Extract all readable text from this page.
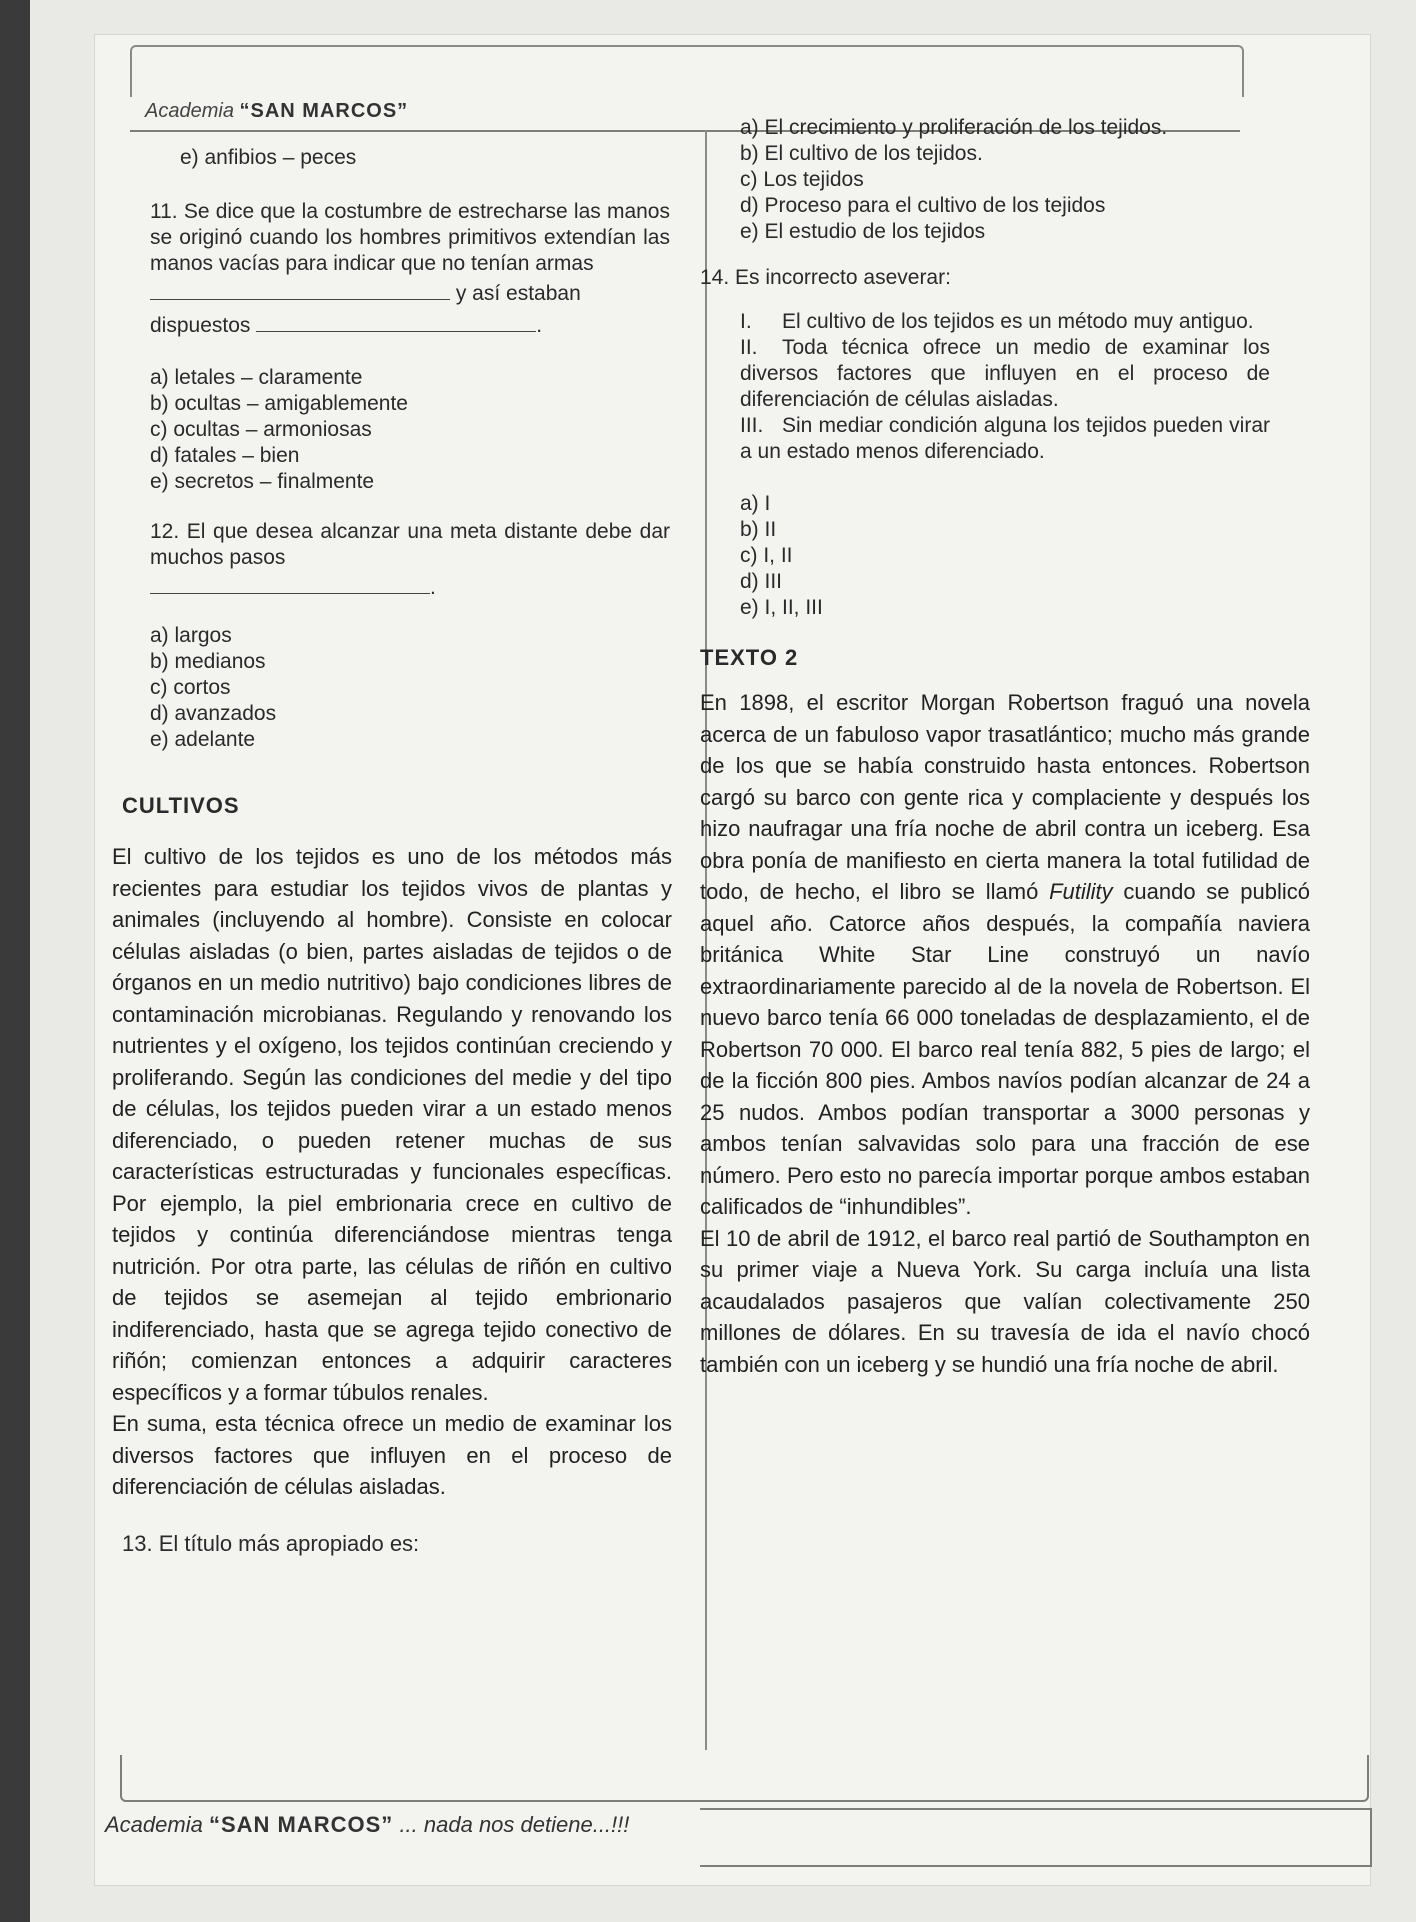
Academia “SAN MARCOS”

e) anfibios – peces

11. Se dice que la costumbre de estrecharse las manos se originó cuando los hombres primitivos extendían las manos vacías para indicar que no tenían armas

y así estaban

dispuestos	.

a) letales – claramente

b) ocultas – amigablemente

c) ocultas – armoniosas

d) fatales – bien

e) secretos – finalmente

12. El que desea alcanzar una meta distante debe dar muchos pasos

.

a) largos

b) medianos

c) cortos

d) avanzados

e) adelante

CULTIVOS

El cultivo de los tejidos es uno de los métodos más recientes para estudiar los tejidos vivos de plantas y animales (incluyendo al hombre). Consiste en colocar células aisladas (o bien, partes aisladas de tejidos o de órganos en un medio nutritivo) bajo condiciones libres de contaminación microbianas. Regulando y renovando los nutrientes y el oxígeno, los tejidos continúan creciendo y proliferando. Según las condiciones del medie y del tipo de células, los tejidos pueden virar a un estado menos diferenciado, o pueden retener muchas de sus características estructuradas y funcionales específicas. Por ejemplo, la piel embrionaria crece en cultivo de tejidos y continúa diferenciándose mientras tenga nutrición. Por otra parte, las células de riñón en cultivo de tejidos se asemejan al tejido embrionario indiferenciado, hasta que se agrega tejido conectivo de riñón; comienzan entonces a adquirir caracteres específicos y a formar túbulos renales.

En suma, esta técnica ofrece un medio de examinar los diversos factores que influyen en el proceso de diferenciación de células aisladas.

13. El título más apropiado es:

a) El crecimiento y proliferación de los tejidos.

b) El cultivo de los tejidos.

c) Los tejidos

d) Proceso para el cultivo de los tejidos

e) El estudio de los tejidos

14. Es incorrecto aseverar:

I. El cultivo de los tejidos es un método muy antiguo.

II. Toda técnica ofrece un medio de examinar los diversos factores que influyen en el proceso de diferenciación de células aisladas.

III. Sin mediar condición alguna los tejidos pueden virar a un estado menos diferenciado.

a) I

b) II

c) I, II

d) III

e) I, II, III

TEXTO 2

En 1898, el escritor Morgan Robertson fraguó una novela acerca de un fabuloso vapor trasatlántico; mucho más grande de los que se había construido hasta entonces. Robertson cargó su barco con gente rica y complaciente y después los hizo naufragar una fría noche de abril contra un iceberg. Esa obra ponía de manifiesto en cierta manera la total futilidad de todo, de hecho, el libro se llamó Futility cuando se publicó aquel año. Catorce años después, la compañía naviera británica White Star Line construyó un navío extraordinariamente parecido al de la novela de Robertson. El nuevo barco tenía 66 000 toneladas de desplazamiento, el de Robertson 70 000. El barco real tenía 882, 5 pies de largo; el de la ficción 800 pies. Ambos navíos podían alcanzar de 24 a 25 nudos. Ambos podían transportar a 3000 personas y ambos tenían salvavidas solo para una fracción de ese número. Pero esto no parecía importar porque ambos estaban calificados de “inhundibles”.

El 10 de abril de 1912, el barco real partió de Southampton en su primer viaje a Nueva York. Su carga incluía una lista acaudalados pasajeros que valían colectivamente 250 millones de dólares. En su travesía de ida el navío chocó también con un iceberg y se hundió una fría noche de abril.

Academia “SAN MARCOS” ... nada nos detiene...!!!
